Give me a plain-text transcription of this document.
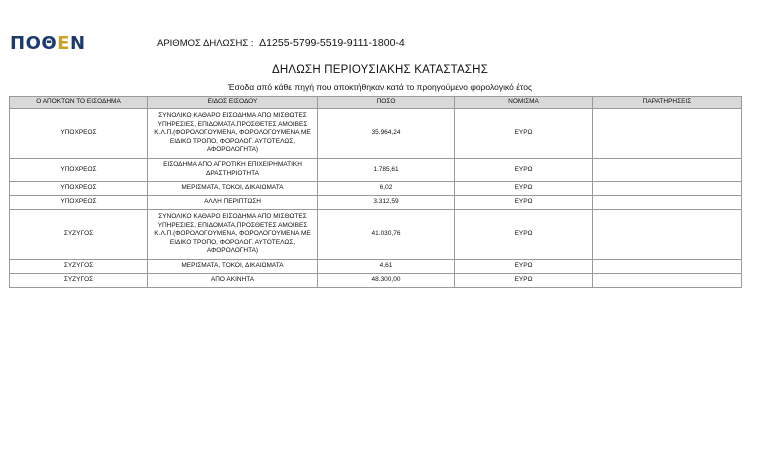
ΠΟΘΕΝ	ΑΡΙΘΜΟΣ ΔΗΛΩΣΗΣ : Δ1255-5799-5519-9111-1800-4
ΔΗΛΩΣΗ ΠΕΡΙΟΥΣΙΑΚΗΣ ΚΑΤΑΣΤΑΣΗΣ
Έσοδα από κάθε πηγή που αποκτήθηκαν κατά το προηγούμενο φορολογικό έτος
Ο ΑΠΟΚΤΩΝ ΤΟ ΕΙΣΟΔΗΜΑ	ΕΙΔΟΣ ΕΙΣΟΔΟΥ	ΠΟΣΟ	ΝΟΜΙΣΜΑ	ΠΑΡΑΤΗΡΗΣΕΙΣ
ΥΠΟΧΡΕΟΣ	ΣΥΝΟΛΙΚΟ ΚΑΘΑΡΟ ΕΙΣΟΔΗΜΑ ΑΠΟ ΜΙΣΘΩΤΕΣ ΥΠΗΡΕΣΙΕΣ, ΕΠΙΔΟΜΑΤΑ,ΠΡΟΣΘΕΤΕΣ ΑΜΟΙΒΕΣ Κ.Λ.Π.(ΦΟΡΟΛΟΓΟΥΜΕΝΑ, ΦΟΡΟΛΟΓΟΥΜΕΝΑ ΜΕ ΕΙΔΙΚΟ ΤΡΟΠΟ, ΦΟΡΟΛΟΓ. ΑΥΤΟΤΕΛΩΣ, ΑΦΟΡΟΛΟΓΗΤΑ)	35.964,24	ΕΥΡΩ	
ΥΠΟΧΡΕΟΣ	ΕΙΣΟΔΗΜΑ ΑΠΟ ΑΓΡΟΤΙΚΗ ΕΠΙΧΕΙΡΗΜΑΤΙΚΗ ΔΡΑΣΤΗΡΙΟΤΗΤΑ	1.785,61	ΕΥΡΩ	
ΥΠΟΧΡΕΟΣ	ΜΕΡΙΣΜΑΤΑ, ΤΟΚΟΙ, ΔΙΚΑΙΩΜΑΤΑ	6,02	ΕΥΡΩ	
ΥΠΟΧΡΕΟΣ	ΑΛΛΗ ΠΕΡΙΠΤΩΣΗ	3.312,59	ΕΥΡΩ	
ΣΥΖΥΓΟΣ	ΣΥΝΟΛΙΚΟ ΚΑΘΑΡΟ ΕΙΣΟΔΗΜΑ ΑΠΟ ΜΙΣΘΩΤΕΣ ΥΠΗΡΕΣΙΕΣ, ΕΠΙΔΟΜΑΤΑ,ΠΡΟΣΘΕΤΕΣ ΑΜΟΙΒΕΣ Κ.Λ.Π.(ΦΟΡΟΛΟΓΟΥΜΕΝΑ, ΦΟΡΟΛΟΓΟΥΜΕΝΑ ΜΕ ΕΙΔΙΚΟ ΤΡΟΠΟ, ΦΟΡΟΛΟΓ. ΑΥΤΟΤΕΛΩΣ, ΑΦΟΡΟΛΟΓΗΤΑ)	41.030,76	ΕΥΡΩ	
ΣΥΖΥΓΟΣ	ΜΕΡΙΣΜΑΤΑ, ΤΟΚΟΙ, ΔΙΚΑΙΩΜΑΤΑ	4,61	ΕΥΡΩ	
ΣΥΖΥΓΟΣ	ΑΠΟ ΑΚΙΝΗΤΑ	48.300,00	ΕΥΡΩ	
